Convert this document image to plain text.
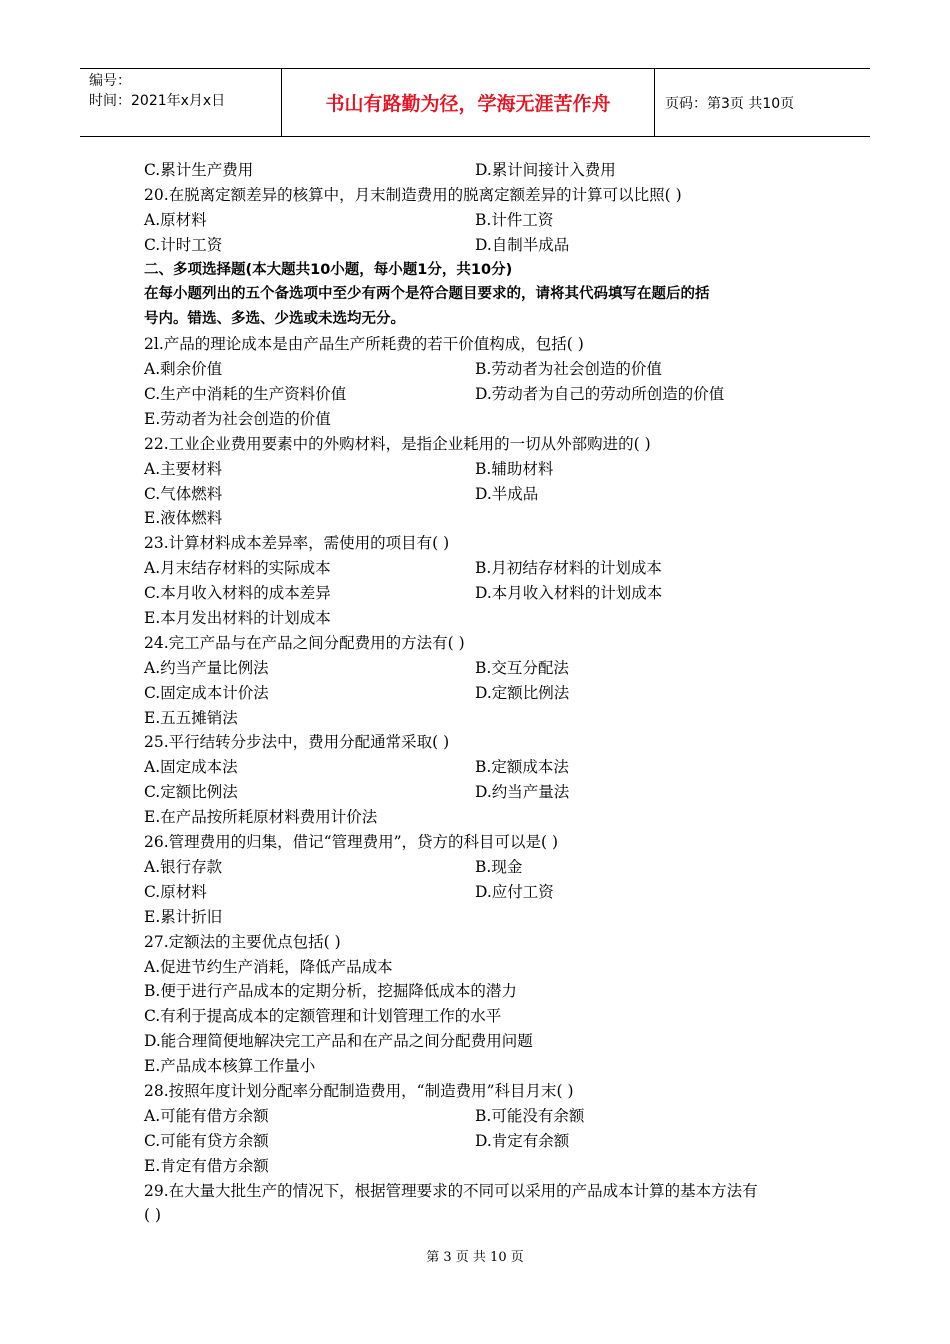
编号：
时间：2021年x月x日	书山有路勤为径，学海无涯苦作舟	页码：第3页 共10页
C.累计生产费用	D.累计间接计入费用
20.在脱离定额差异的核算中，月末制造费用的脱离定额差异的计算可以比照( )
A.原材料	B.计件工资
C.计时工资	D.自制半成品
二、多项选择题(本大题共10小题，每小题1分，共10分)
在每小题列出的五个备选项中至少有两个是符合题目要求的，请将其代码填写在题后的括
号内。错选、多选、少选或未选均无分。
2l.产品的理论成本是由产品生产所耗费的若干价值构成，包括( )
A.剩余价值	B.劳动者为社会创造的价值
C.生产中消耗的生产资料价值	D.劳动者为自己的劳动所创造的价值
E.劳动者为社会创造的价值
22.工业企业费用要素中的外购材料，是指企业耗用的一切从外部购进的( )
A.主要材料	B.辅助材料
C.气体燃料	D.半成品
E.液体燃料
23.计算材料成本差异率，需使用的项目有( )
A.月末结存材料的实际成本	B.月初结存材料的计划成本
C.本月收入材料的成本差异	D.本月收入材料的计划成本
E.本月发出材料的计划成本
24.完工产品与在产品之间分配费用的方法有( )
A.约当产量比例法	B.交互分配法
C.固定成本计价法	D.定额比例法
E.五五摊销法
25.平行结转分步法中，费用分配通常采取( )
A.固定成本法	B.定额成本法
C.定额比例法	D.约当产量法
E.在产品按所耗原材料费用计价法
26.管理费用的归集，借记“管理费用”，贷方的科目可以是( )
A.银行存款	B.现金
C.原材料	D.应付工资
E.累计折旧
27.定额法的主要优点包括( )
A.促进节约生产消耗，降低产品成本
B.便于进行产品成本的定期分析，挖掘降低成本的潜力
C.有利于提高成本的定额管理和计划管理工作的水平
D.能合理简便地解决完工产品和在产品之间分配费用问题
E.产品成本核算工作量小
28.按照年度计划分配率分配制造费用，“制造费用”科目月末( )
A.可能有借方余额	B.可能没有余额
C.可能有贷方余额	D.肯定有余额
E.肯定有借方余额
29.在大量大批生产的情况下，根据管理要求的不同可以采用的产品成本计算的基本方法有
( )
第 3 页 共 10 页
